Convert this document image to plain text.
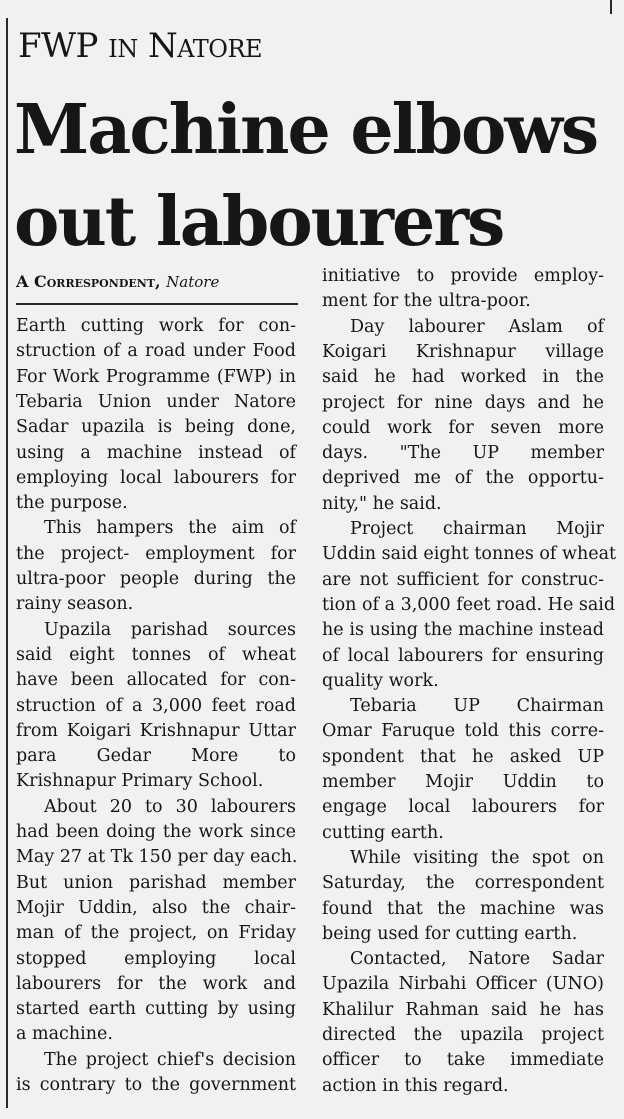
FWP in Natore
Machine elbows
out labourers
A Correspondent, Natore
Earth cutting work for con-
struction of a road under Food
For Work Programme (FWP) in
Tebaria Union under Natore
Sadar upazila is being done,
using a machine instead of
employing local labourers for
the purpose.
This hampers the aim of
the project- employment for
ultra-poor people during the
rainy season.
Upazila parishad sources
said eight tonnes of wheat
have been allocated for con-
struction of a 3,000 feet road
from Koigari Krishnapur Uttar
para Gedar More to
Krishnapur Primary School.
About 20 to 30 labourers
had been doing the work since
May 27 at Tk 150 per day each.
But union parishad member
Mojir Uddin, also the chair-
man of the project, on Friday
stopped employing local
labourers for the work and
started earth cutting by using
a machine.
The project chief's decision
is contrary to the government
initiative to provide employ-
ment for the ultra-poor.
Day labourer Aslam of
Koigari Krishnapur village
said he had worked in the
project for nine days and he
could work for seven more
days. "The UP member
deprived me of the opportu-
nity," he said.
Project chairman Mojir
Uddin said eight tonnes of wheat
are not sufficient for construc-
tion of a 3,000 feet road. He said
he is using the machine instead
of local labourers for ensuring
quality work.
Tebaria UP Chairman
Omar Faruque told this corre-
spondent that he asked UP
member Mojir Uddin to
engage local labourers for
cutting earth.
While visiting the spot on
Saturday, the correspondent
found that the machine was
being used for cutting earth.
Contacted, Natore Sadar
Upazila Nirbahi Officer (UNO)
Khalilur Rahman said he has
directed the upazila project
officer to take immediate
action in this regard.
